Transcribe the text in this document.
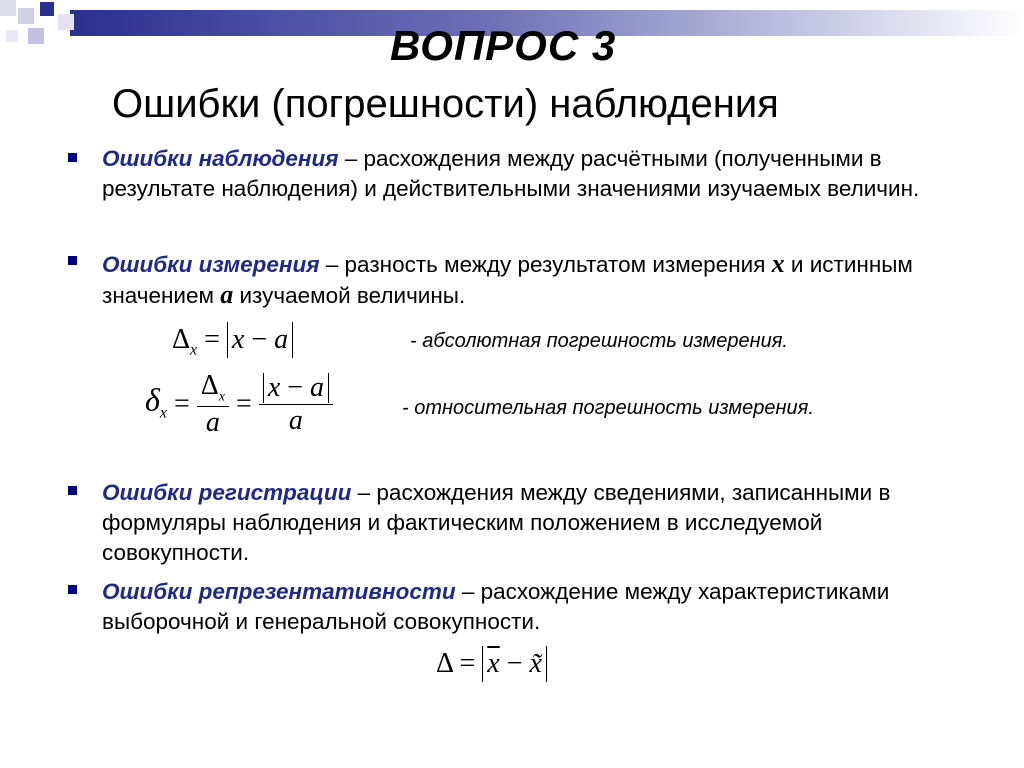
ВОПРОС 3
Ошибки (погрешности) наблюдения
Ошибки наблюдения – расхождения между расчётными (полученными в результате наблюдения) и действительными значениями изучаемых величин.
Ошибки измерения – разность между результатом измерения x и истинным значением a изучаемой величины.
$\Delta_x = x - a$	- абсолютная погрешность измерения.
$\delta_x = \frac{\Delta_x}{a} = \frac{x - a}{a}$	- относительная погрешность измерения.
Ошибки регистрации – расхождения между сведениями, записанными в формуляры наблюдения и фактическим положением в исследуемой совокупности.
Ошибки репрезентативности – расхождение между характеристиками выборочной и генеральной совокупности.
$\Delta = \overline{x}$ − x̃
